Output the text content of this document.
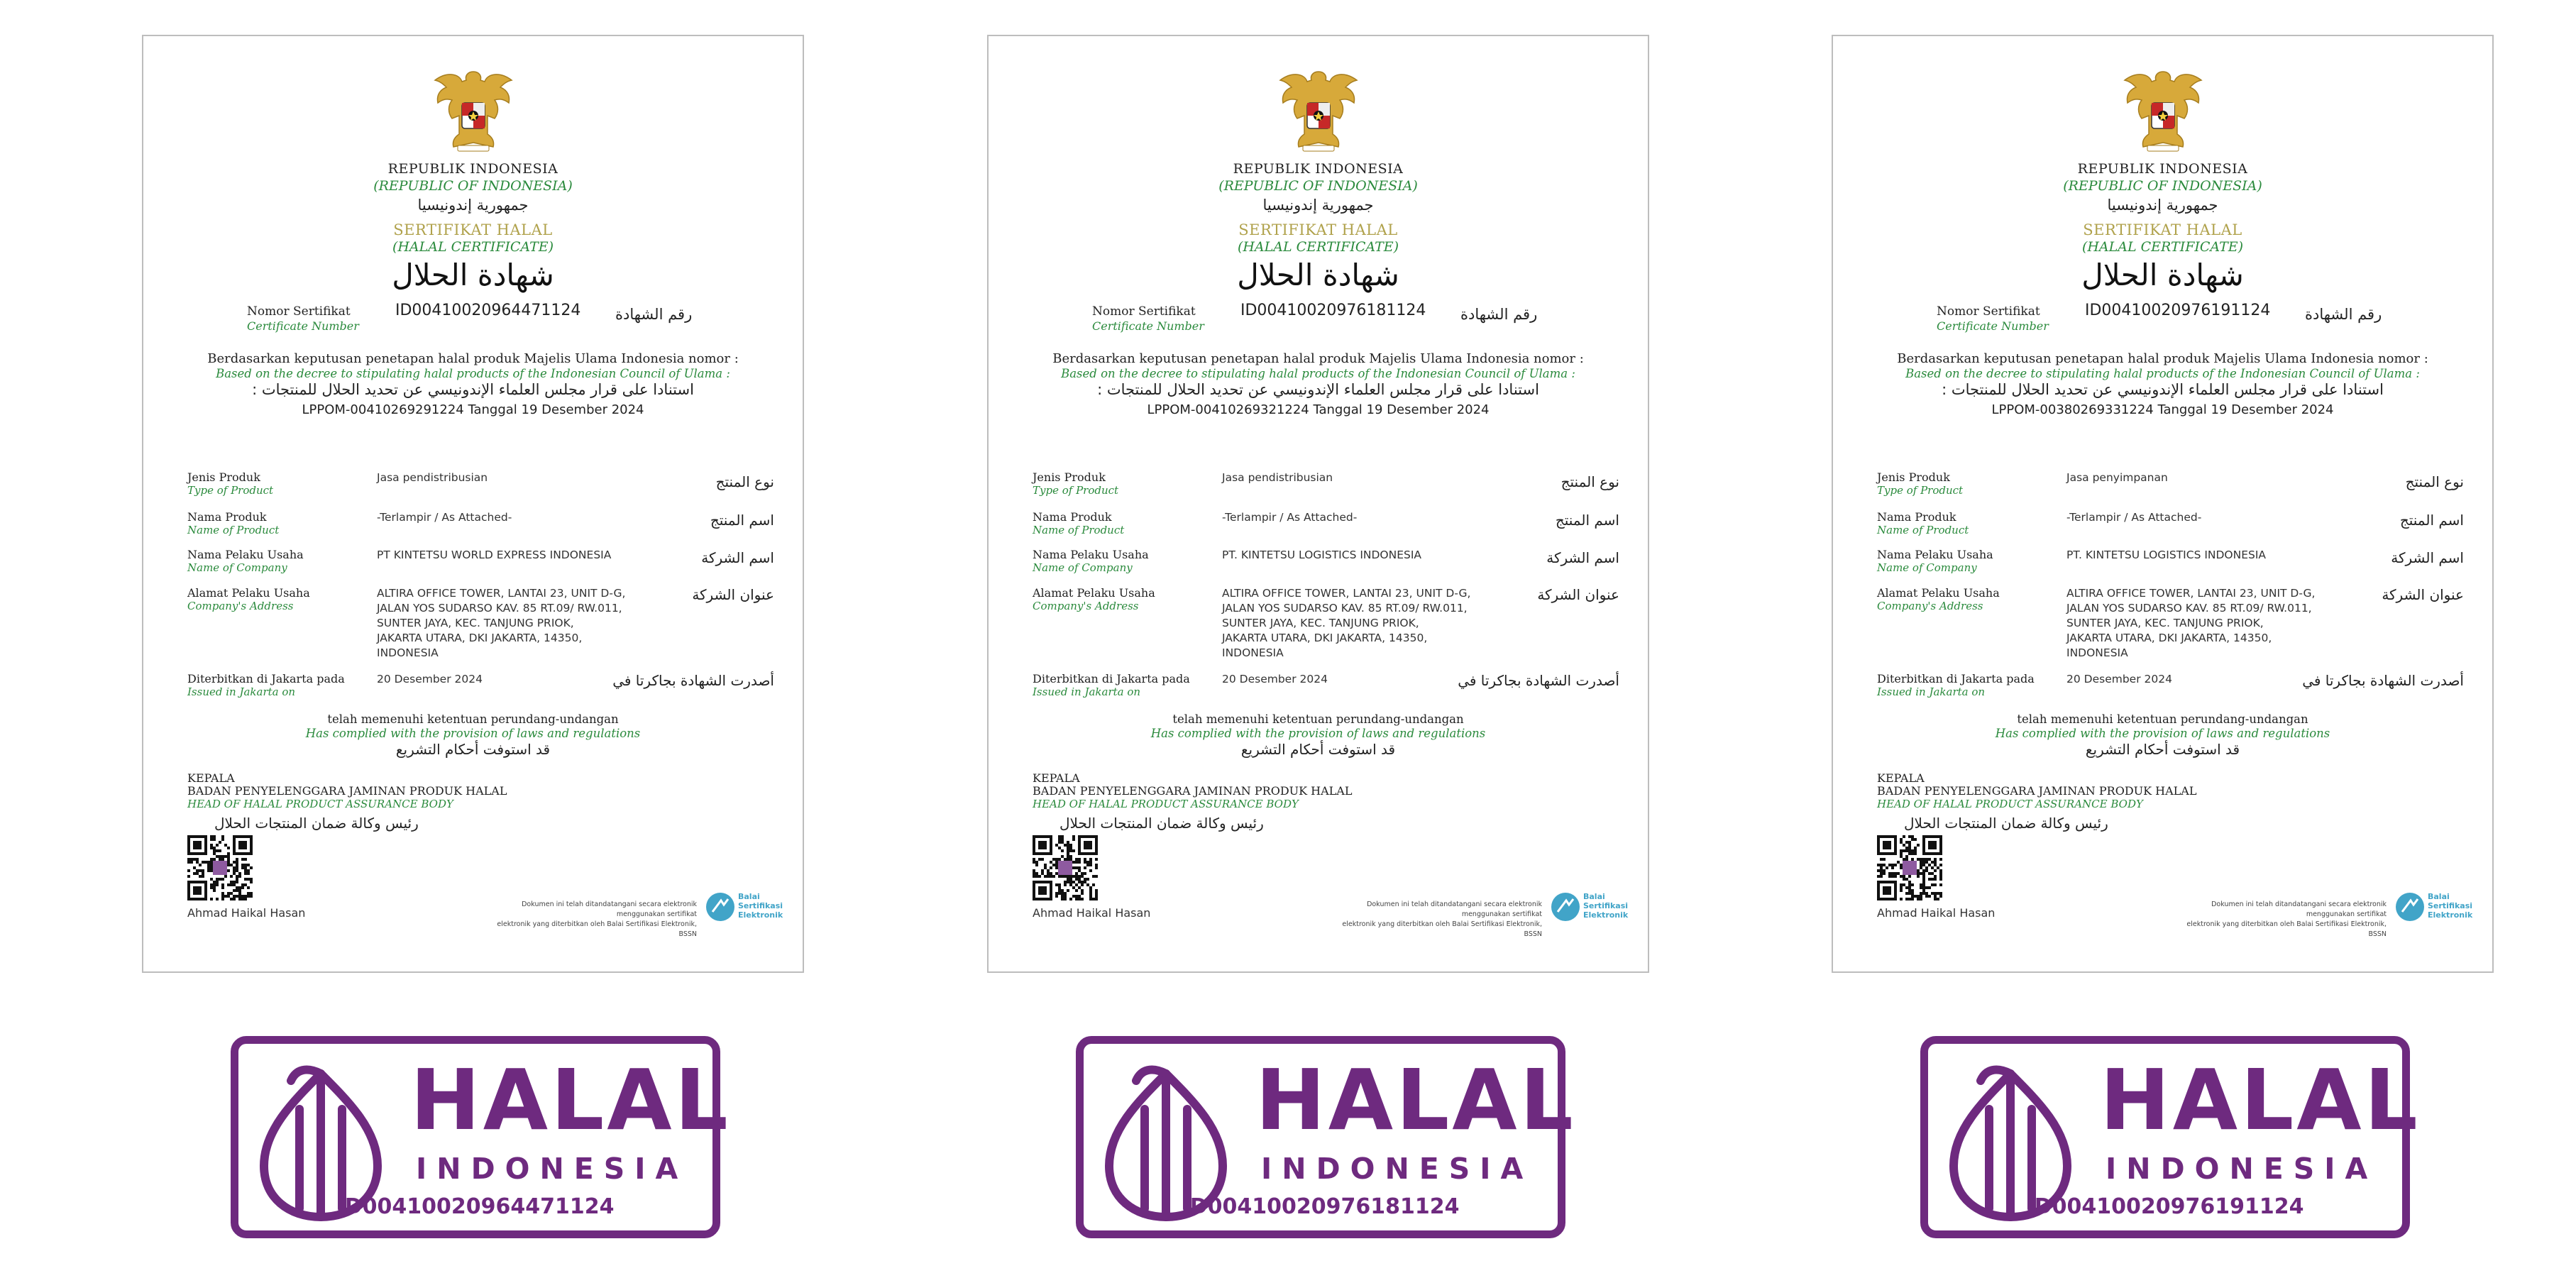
REPUBLIK INDONESIA
(REPUBLIC OF INDONESIA)
جمهورية إندونيسيا
SERTIFIKAT HALAL
(HALAL CERTIFICATE)
شهادة الحلال
Nomor Sertifikat
Certificate Number
ID00410020964471124 رقم الشهادة
Berdasarkan keputusan penetapan halal produk Majelis Ulama Indonesia nomor :
Based on the decree to stipulating halal products of the Indonesian Council of Ulama :
استنادا على قرار مجلس العلماء الإندونيسي عن تحديد الحلال للمنتجات :
LPPOM-00410269291224 Tanggal 19 Desember 2024
Jenis Produk
Type of Product
Jasa pendistribusian	نوع المنتج
Nama Produk
Name of Product
-Terlampir / As Attached-	اسم المنتج
Nama Pelaku Usaha
Name of Company
PT KINTETSU WORLD EXPRESS INDONESIA	اسم الشركة
Alamat Pelaku Usaha
Company's Address
ALTIRA OFFICE TOWER, LANTAI 23, UNIT D-G,
JALAN YOS SUDARSO KAV. 85 RT.09/ RW.011,
SUNTER JAYA, KEC. TANJUNG PRIOK,
JAKARTA UTARA, DKI JAKARTA, 14350,
INDONESIA
عنوان الشركة
Diterbitkan di Jakarta pada
Issued in Jakarta on
20 Desember 2024	أصدرت الشهادة بجاكرتا في
telah memenuhi ketentuan perundang-undangan
Has complied with the provision of laws and regulations
قد استوفت أحكام التشريع
KEPALA
BADAN PENYELENGGARA JAMINAN PRODUK HALAL
HEAD OF HALAL PRODUCT ASSURANCE BODY
رئيس وكالة ضمان المنتجات الحلال
Ahmad Haikal Hasan
Dokumen ini telah ditandatangani secara elektronik menggunakan sertifikat
elektronik yang diterbitkan oleh Balai Sertifikasi Elektronik, BSSN
Balai
Sertifikasi
Elektronik
REPUBLIK INDONESIA
(REPUBLIC OF INDONESIA)
جمهورية إندونيسيا
SERTIFIKAT HALAL
(HALAL CERTIFICATE)
شهادة الحلال
Nomor Sertifikat
Certificate Number
ID00410020976181124 رقم الشهادة
Berdasarkan keputusan penetapan halal produk Majelis Ulama Indonesia nomor :
Based on the decree to stipulating halal products of the Indonesian Council of Ulama :
استنادا على قرار مجلس العلماء الإندونيسي عن تحديد الحلال للمنتجات :
LPPOM-00410269321224 Tanggal 19 Desember 2024
Jenis Produk
Type of Product
Jasa pendistribusian	نوع المنتج
Nama Produk
Name of Product
-Terlampir / As Attached-	اسم المنتج
Nama Pelaku Usaha
Name of Company
PT. KINTETSU LOGISTICS INDONESIA	اسم الشركة
Alamat Pelaku Usaha
Company's Address
ALTIRA OFFICE TOWER, LANTAI 23, UNIT D-G,
JALAN YOS SUDARSO KAV. 85 RT.09/ RW.011,
SUNTER JAYA, KEC. TANJUNG PRIOK,
JAKARTA UTARA, DKI JAKARTA, 14350,
INDONESIA
عنوان الشركة
Diterbitkan di Jakarta pada
Issued in Jakarta on
20 Desember 2024	أصدرت الشهادة بجاكرتا في
telah memenuhi ketentuan perundang-undangan
Has complied with the provision of laws and regulations
قد استوفت أحكام التشريع
KEPALA
BADAN PENYELENGGARA JAMINAN PRODUK HALAL
HEAD OF HALAL PRODUCT ASSURANCE BODY
رئيس وكالة ضمان المنتجات الحلال
Ahmad Haikal Hasan
Dokumen ini telah ditandatangani secara elektronik menggunakan sertifikat
elektronik yang diterbitkan oleh Balai Sertifikasi Elektronik, BSSN
Balai
Sertifikasi
Elektronik
REPUBLIK INDONESIA
(REPUBLIC OF INDONESIA)
جمهورية إندونيسيا
SERTIFIKAT HALAL
(HALAL CERTIFICATE)
شهادة الحلال
Nomor Sertifikat
Certificate Number
ID00410020976191124 رقم الشهادة
Berdasarkan keputusan penetapan halal produk Majelis Ulama Indonesia nomor :
Based on the decree to stipulating halal products of the Indonesian Council of Ulama :
استنادا على قرار مجلس العلماء الإندونيسي عن تحديد الحلال للمنتجات :
LPPOM-00380269331224 Tanggal 19 Desember 2024
Jenis Produk
Type of Product
Jasa penyimpanan	نوع المنتج
Nama Produk
Name of Product
-Terlampir / As Attached-	اسم المنتج
Nama Pelaku Usaha
Name of Company
PT. KINTETSU LOGISTICS INDONESIA	اسم الشركة
Alamat Pelaku Usaha
Company's Address
ALTIRA OFFICE TOWER, LANTAI 23, UNIT D-G,
JALAN YOS SUDARSO KAV. 85 RT.09/ RW.011,
SUNTER JAYA, KEC. TANJUNG PRIOK,
JAKARTA UTARA, DKI JAKARTA, 14350,
INDONESIA
عنوان الشركة
Diterbitkan di Jakarta pada
Issued in Jakarta on
20 Desember 2024	أصدرت الشهادة بجاكرتا في
telah memenuhi ketentuan perundang-undangan
Has complied with the provision of laws and regulations
قد استوفت أحكام التشريع
KEPALA
BADAN PENYELENGGARA JAMINAN PRODUK HALAL
HEAD OF HALAL PRODUCT ASSURANCE BODY
رئيس وكالة ضمان المنتجات الحلال
Ahmad Haikal Hasan
Dokumen ini telah ditandatangani secara elektronik menggunakan sertifikat
elektronik yang diterbitkan oleh Balai Sertifikasi Elektronik, BSSN
Balai
Sertifikasi
Elektronik
HALAL
INDONESIA
ID00410020964471124
HALAL
INDONESIA
ID00410020976181124
HALAL
INDONESIA
ID00410020976191124
